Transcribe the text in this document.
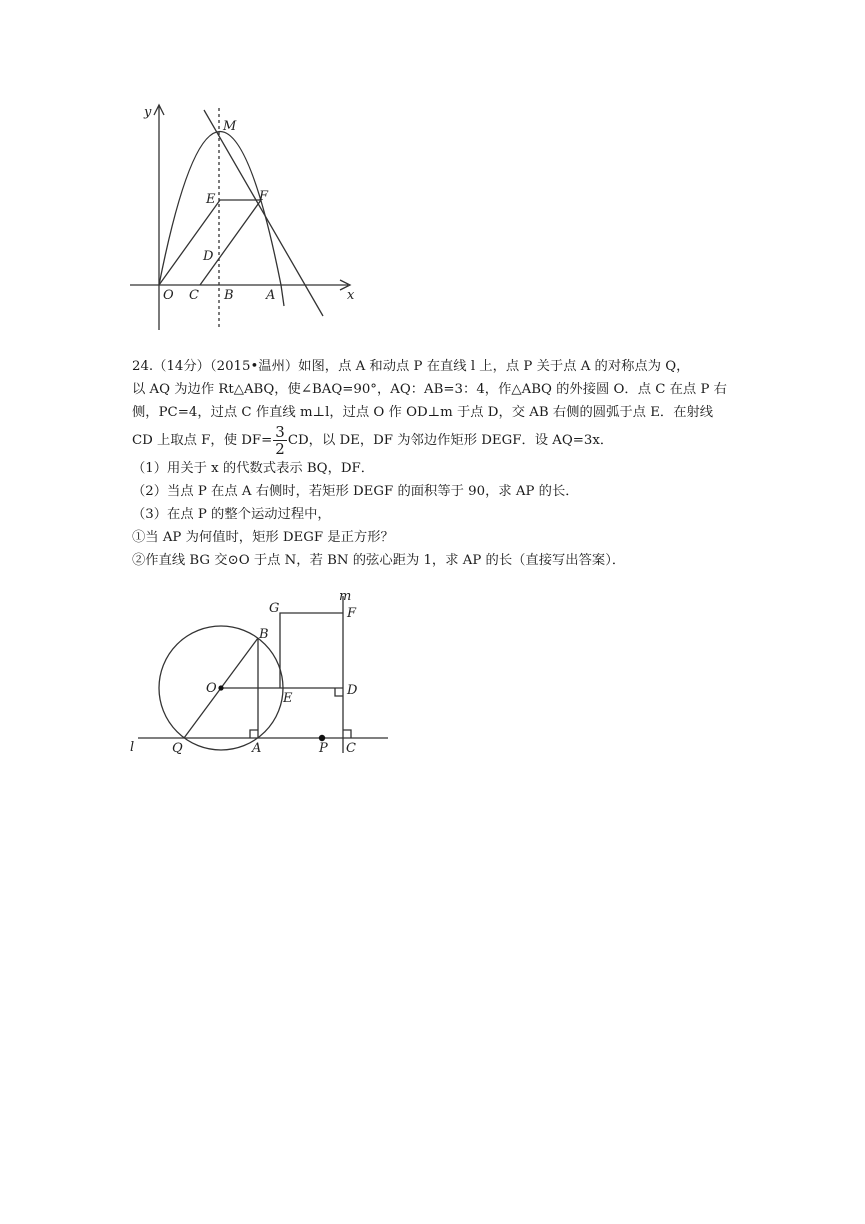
y
M
E	F
D
O C B A	x

24.（14分）（2015•温州）如图，点 A 和动点 P 在直线 l 上，点 P 关于点 A 的对称点为 Q，
以 AQ 为边作 Rt△ABQ，使∠BAQ=90°，AQ：AB=3：4，作△ABQ 的外接圆 O．点 C 在点 P 右
侧，PC=4，过点 C 作直线 m⊥l，过点 O 作 OD⊥m 于点 D，交 AB 右侧的圆弧于点 E．在射线
CD 上取点 F，使 $DF= \frac{3}{2}$ CD，以 DE，DF 为邻边作矩形 DEGF．设 AQ=3x．

（1）用关于 x 的代数式表示 BQ，DF．
（2）当点 P 在点 A 右侧时，若矩形 DEGF 的面积等于 90，求 AP 的长．
（3）在点 P 的整个运动过程中，
①当 AP 为何值时，矩形 DEGF 是正方形？
②作直线 BG 交⊙O 于点 N，若 BN 的弦心距为 1，求 AP 的长（直接写出答案）．
m
G	F
B
O
E
D
l	Q	A	P C
